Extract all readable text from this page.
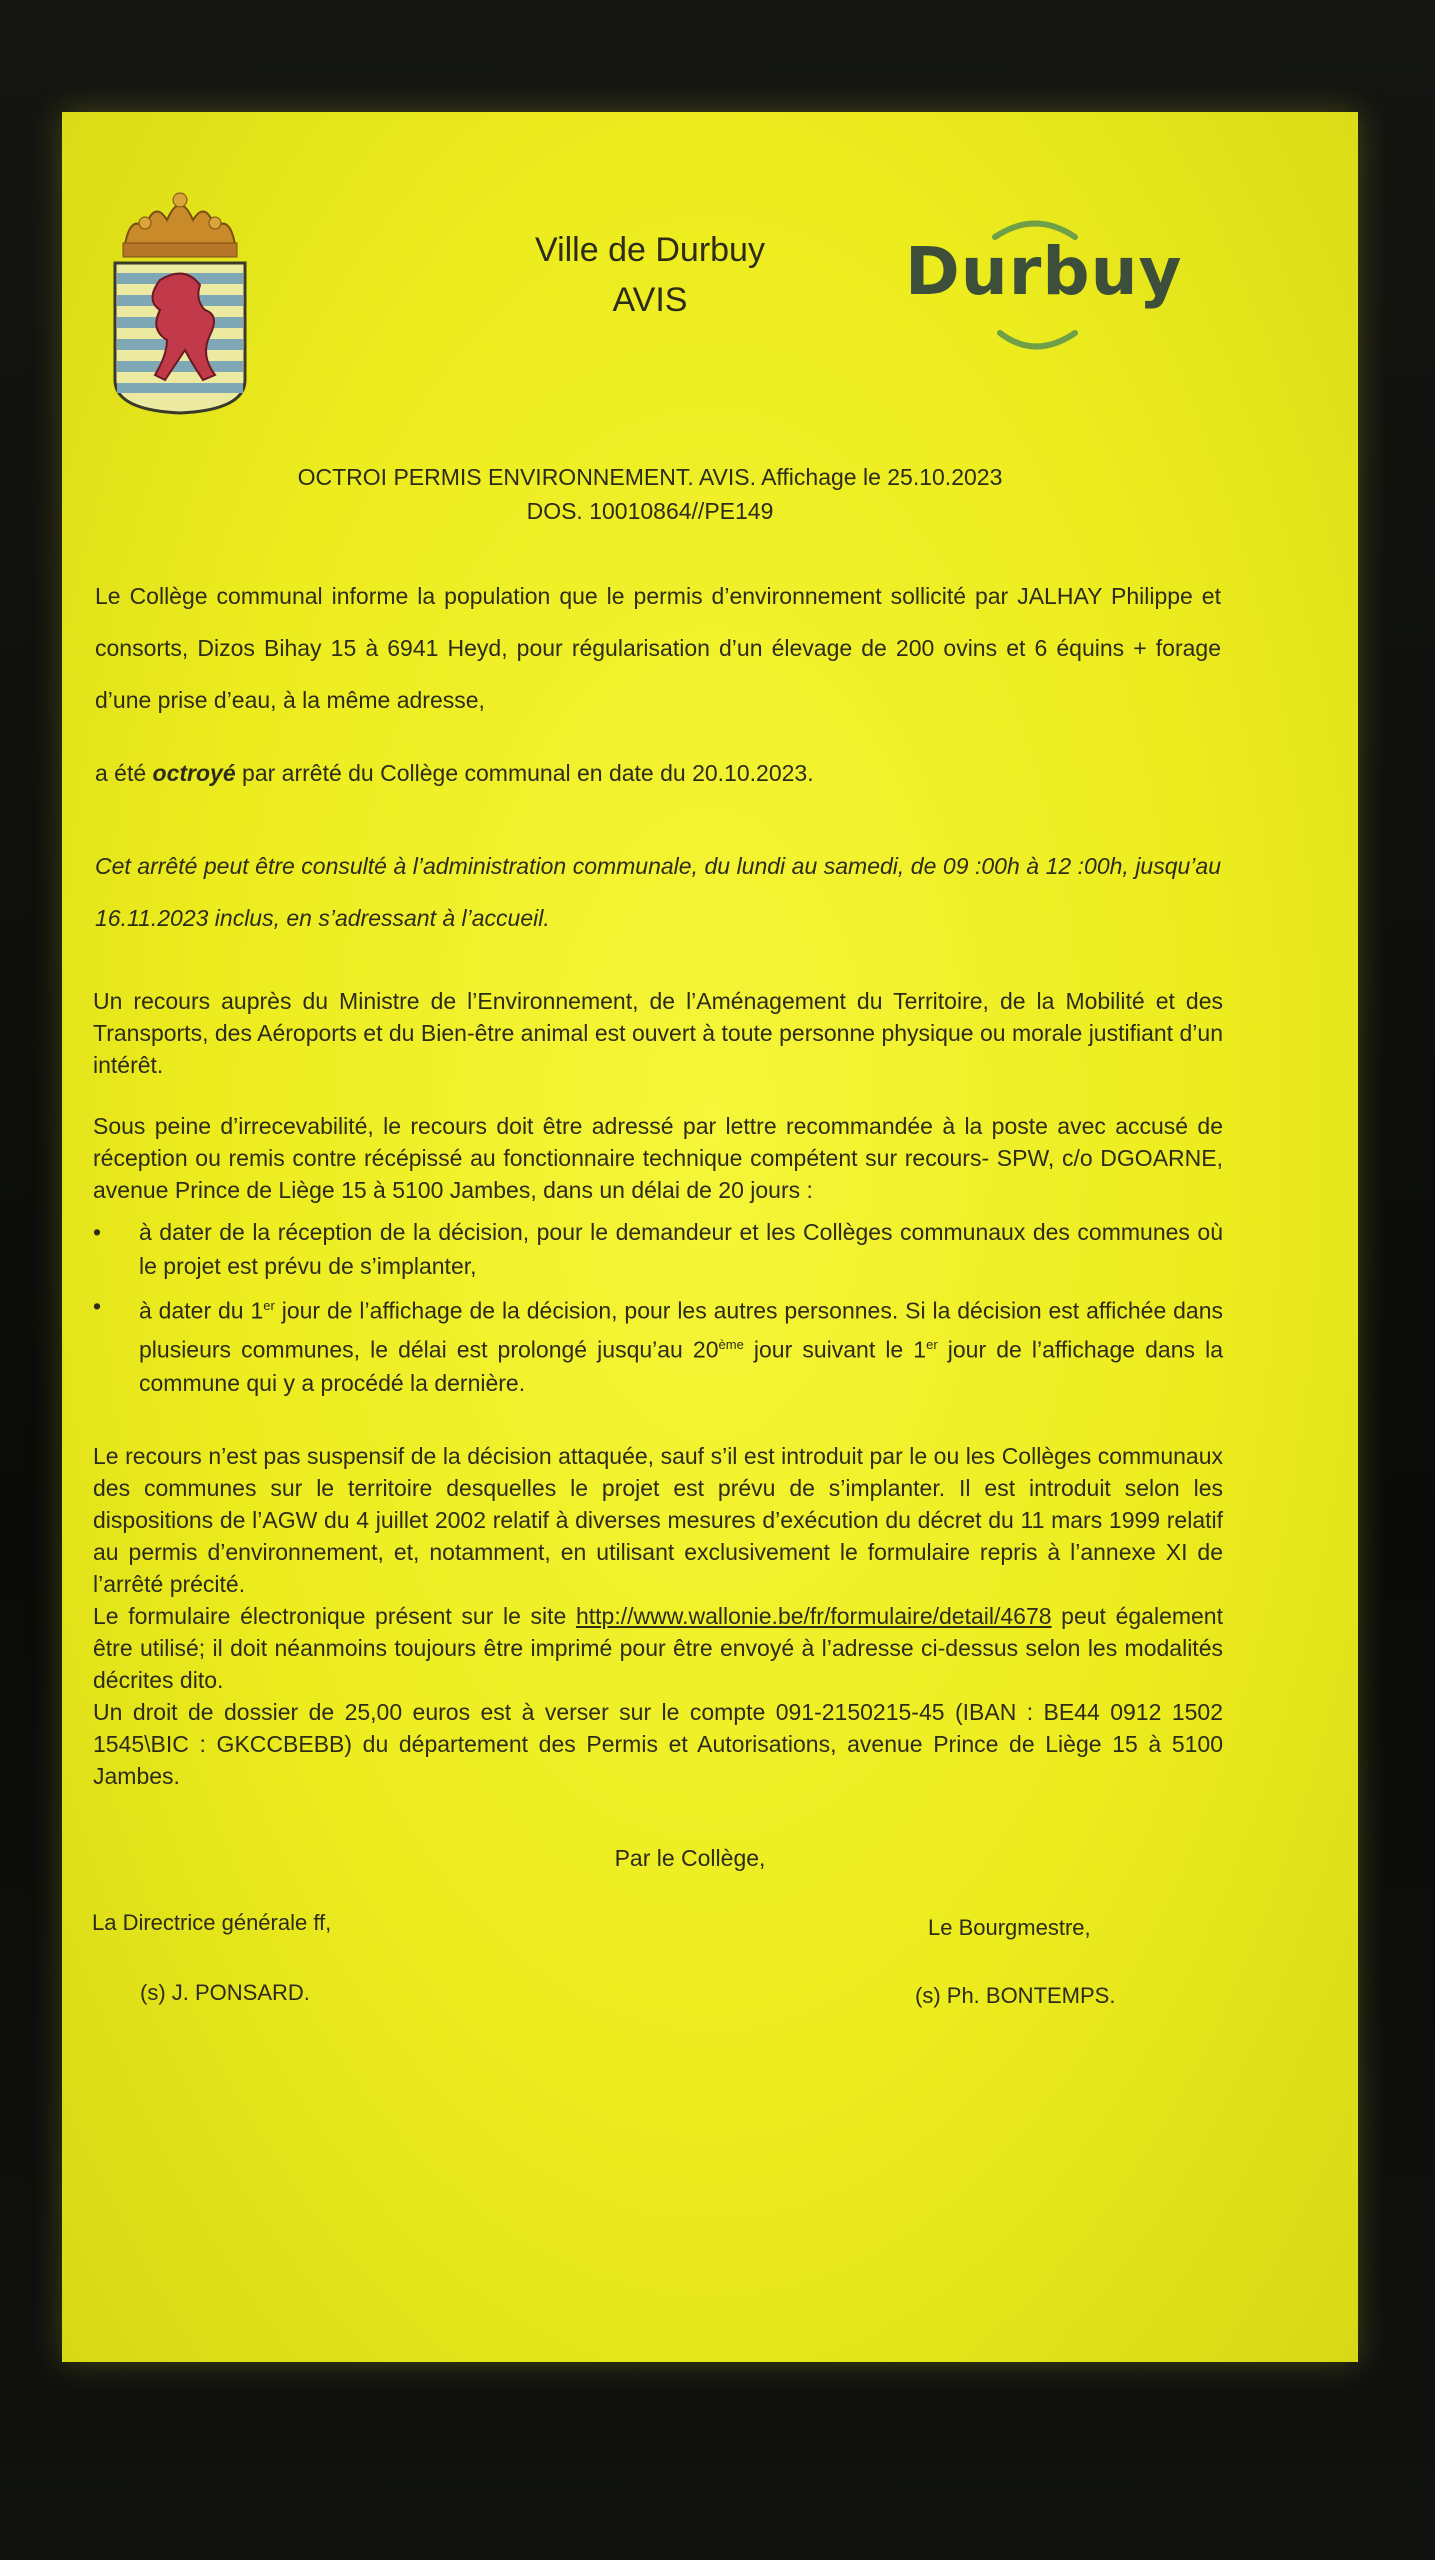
Ville de Durbuy
AVIS	Durbuy
OCTROI PERMIS ENVIRONNEMENT. AVIS. Affichage le 25.10.2023
DOS. 10010864//PE149
Le Collège communal informe la population que le permis d’environnement sollicité par JALHAY Philippe et consorts, Dizos Bihay 15 à 6941 Heyd, pour régularisation d’un élevage de 200 ovins et 6 équins + forage d’une prise d’eau, à la même adresse,
a été octroyé par arrêté du Collège communal en date du 20.10.2023.
Cet arrêté peut être consulté à l’administration communale, du lundi au samedi, de 09 :00h à 12 :00h, jusqu’au 16.11.2023 inclus, en s’adressant à l’accueil.
Un recours auprès du Ministre de l’Environnement, de l’Aménagement du Territoire, de la Mobilité et des Transports, des Aéroports et du Bien-être animal est ouvert à toute personne physique ou morale justifiant d’un intérêt.
Sous peine d’irrecevabilité, le recours doit être adressé par lettre recommandée à la poste avec accusé de réception ou remis contre récépissé au fonctionnaire technique compétent sur recours- SPW, c/o DGOARNE, avenue Prince de Liège 15 à 5100 Jambes, dans un délai de 20 jours :
• à dater de la réception de la décision, pour le demandeur et les Collèges communaux des communes où le projet est prévu de s’implanter,
• à dater du 1er jour de l’affichage de la décision, pour les autres personnes. Si la décision est affichée dans plusieurs communes, le délai est prolongé jusqu’au 20ème jour suivant le 1er jour de l’affichage dans la commune qui y a procédé la dernière.
Le recours n’est pas suspensif de la décision attaquée, sauf s’il est introduit par le ou les Collèges communaux des communes sur le territoire desquelles le projet est prévu de s’implanter. Il est introduit selon les dispositions de l’AGW du 4 juillet 2002 relatif à diverses mesures d’exécution du décret du 11 mars 1999 relatif au permis d’environnement, et, notamment, en utilisant exclusivement le formulaire repris à l’annexe XI de l’arrêté précité.
Le formulaire électronique présent sur le site http://www.wallonie.be/fr/formulaire/detail/4678 peut également être utilisé; il doit néanmoins toujours être imprimé pour être envoyé à l’adresse ci-dessus selon les modalités décrites dito.
Un droit de dossier de 25,00 euros est à verser sur le compte 091-2150215-45 (IBAN : BE44 0912 1502 1545\BIC : GKCCBEBB) du département des Permis et Autorisations, avenue Prince de Liège 15 à 5100 Jambes.
Par le Collège,
La Directrice générale ff,
(s) J. PONSARD.
Le Bourgmestre,
(s) Ph. BONTEMPS.
